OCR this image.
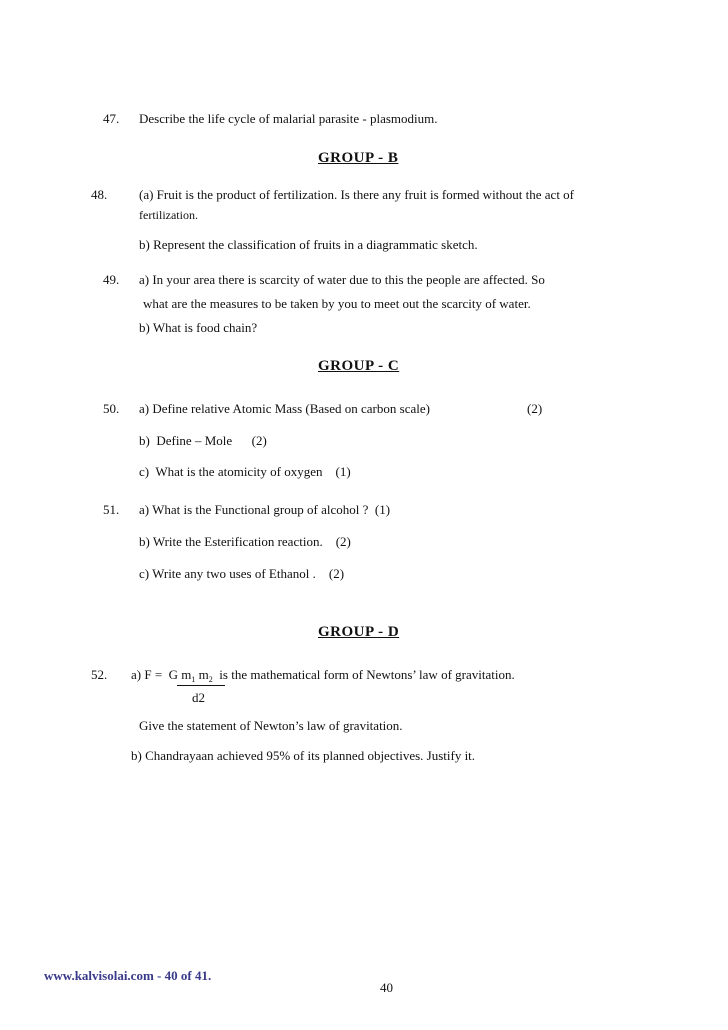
47. Describe the life cycle of malarial parasite - plasmodium.
GROUP - B
48. (a) Fruit is the product of fertilization. Is there any fruit is formed without the act of
fertilization.
b) Represent the classification of fruits in a diagrammatic sketch.
49. a) In your area there is scarcity of water due to this the people are affected. So
what are the measures to be taken by you to meet out the scarcity of water.
b) What is food chain?
GROUP - C
50. a) Define relative Atomic Mass (Based on carbon scale)	(2)
b)  Define – Mole      (2)
c)  What is the atomicity of oxygen    (1)
51. a) What is the Functional group of alcohol ?  (1)
b) Write the Esterification reaction.    (2)
c) Write any two uses of Ethanol .    (2)
GROUP - D
52. a) F =  G $m_1$ $m_2$  is the mathematical form of Newtons’ law of gravitation.
d2
Give the statement of Newton’s law of gravitation.
b) Chandrayaan achieved 95% of its planned objectives. Justify it.
www.kalvisolai.com - 40 of 41.
40
